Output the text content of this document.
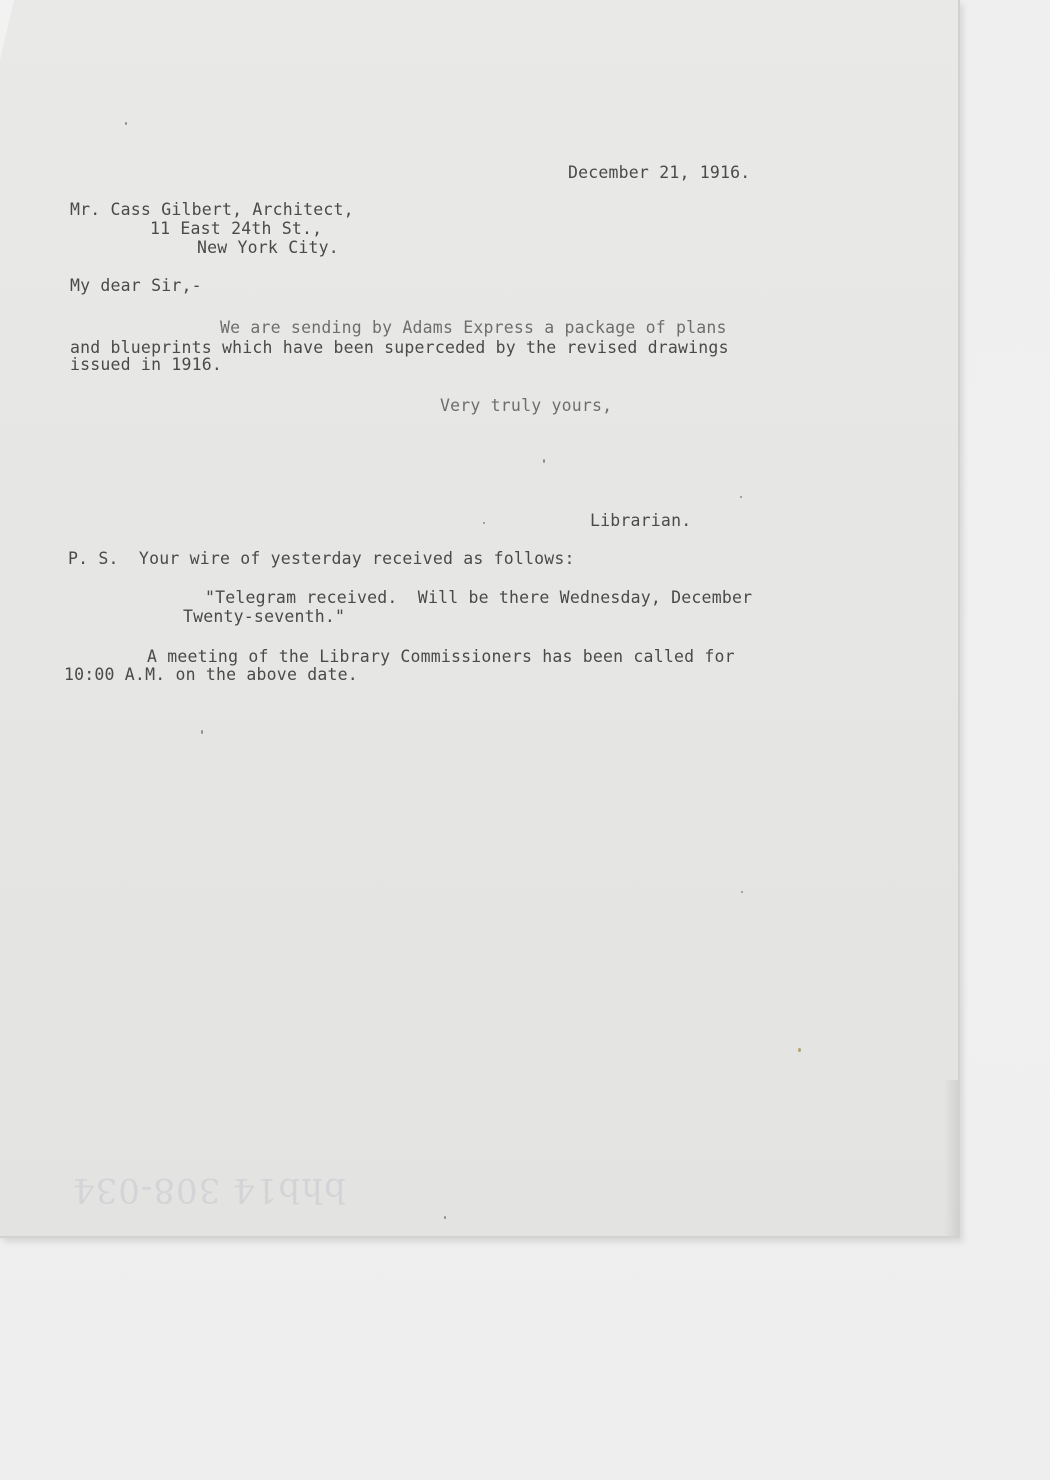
December 21, 1916.
Mr. Cass Gilbert, Architect,
11 East 24th St.,
New York City.
My dear Sir,-
We are sending by Adams Express a package of plans
and blueprints which have been superceded by the revised drawings
issued in 1916.
Very truly yours,
Librarian.
P. S.  Your wire of yesterday received as follows:
"Telegram received.  Will be there Wednesday, December
Twenty-seventh."
A meeting of the Library Commissioners has been called for
10:00 A.M. on the above date.
bhb14 308-034
